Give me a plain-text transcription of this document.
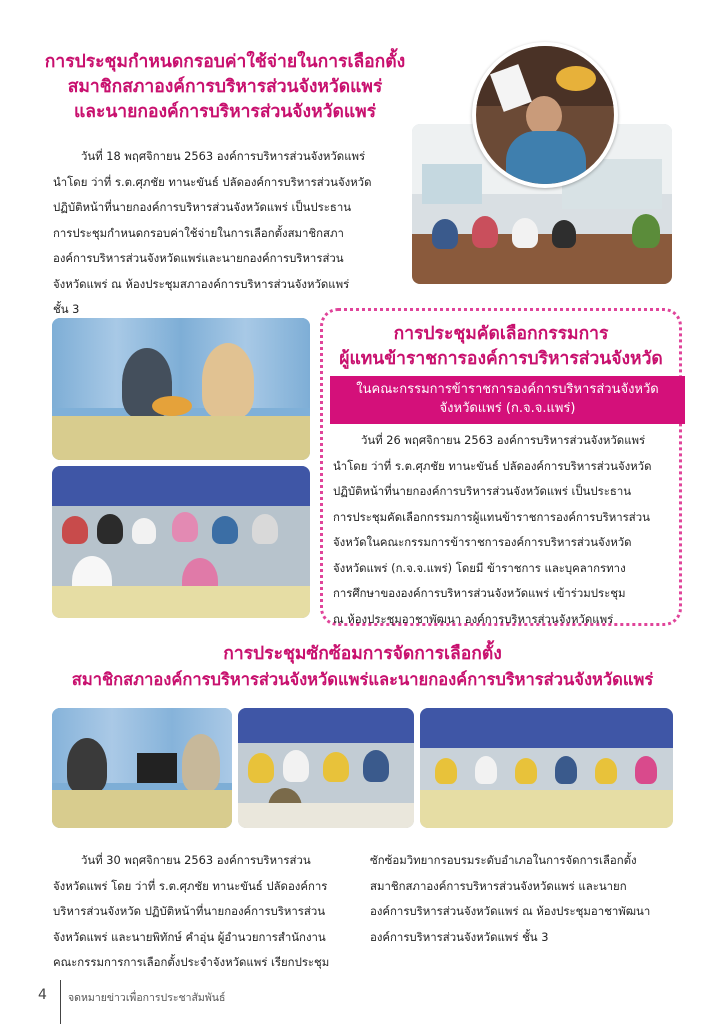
การประชุมกำหนดกรอบค่าใช้จ่ายในการเลือกตั้ง

สมาชิกสภาองค์การบริหารส่วนจังหวัดแพร่

และนายกองค์การบริหารส่วนจังหวัดแพร่

วันที่ 18 พฤศจิกายน 2563 องค์การบริหารส่วนจังหวัดแพร่

นำโดย ว่าที่ ร.ต.ศุภชัย ทานะขันธ์ ปลัดองค์การบริหารส่วนจังหวัด

ปฏิบัติหน้าที่นายกองค์การบริหารส่วนจังหวัดแพร่ เป็นประธาน

การประชุมกำหนดกรอบค่าใช้จ่ายในการเลือกตั้งสมาชิกสภา

องค์การบริหารส่วนจังหวัดแพร่และนายกองค์การบริหารส่วน

จังหวัดแพร่ ณ ห้องประชุมสภาองค์การบริหารส่วนจังหวัดแพร่

ชั้น 3

การประชุมคัดเลือกกรรมการ

ผู้แทนข้าราชการองค์การบริหารส่วนจังหวัด

ในคณะกรรมการข้าราชการองค์การบริหารส่วนจังหวัด
จังหวัดแพร่ (ก.จ.จ.แพร่)

วันที่ 26 พฤศจิกายน 2563 องค์การบริหารส่วนจังหวัดแพร่

นำโดย ว่าที่ ร.ต.ศุภชัย ทานะขันธ์ ปลัดองค์การบริหารส่วนจังหวัด

ปฏิบัติหน้าที่นายกองค์การบริหารส่วนจังหวัดแพร่ เป็นประธาน

การประชุมคัดเลือกกรรมการผู้แทนข้าราชการองค์การบริหารส่วน

จังหวัดในคณะกรรมการข้าราชการองค์การบริหารส่วนจังหวัด

จังหวัดแพร่ (ก.จ.จ.แพร่) โดยมี ข้าราชการ และบุคลากรทาง

การศึกษาขององค์การบริหารส่วนจังหวัดแพร่ เข้าร่วมประชุม

ณ ห้องประชุมอาชาพัฒนา องค์การบริหารส่วนจังหวัดแพร่

การประชุมซักซ้อมการจัดการเลือกตั้ง

สมาชิกสภาองค์การบริหารส่วนจังหวัดแพร่และนายกองค์การบริหารส่วนจังหวัดแพร่

วันที่ 30 พฤศจิกายน 2563 องค์การบริหารส่วน

จังหวัดแพร่ โดย ว่าที่ ร.ต.ศุภชัย ทานะขันธ์ ปลัดองค์การ

บริหารส่วนจังหวัด ปฏิบัติหน้าที่นายกองค์การบริหารส่วน

จังหวัดแพร่ และนายพิทักษ์ คำอุ่น ผู้อำนวยการสำนักงาน

คณะกรรมการการเลือกตั้งประจำจังหวัดแพร่ เรียกประชุม

ซักซ้อมวิทยากรอบรมระดับอำเภอในการจัดการเลือกตั้ง

สมาชิกสภาองค์การบริหารส่วนจังหวัดแพร่ และนายก

องค์การบริหารส่วนจังหวัดแพร่ ณ ห้องประชุมอาชาพัฒนา

องค์การบริหารส่วนจังหวัดแพร่ ชั้น 3

4 จดหมายข่าวเพื่อการประชาสัมพันธ์
